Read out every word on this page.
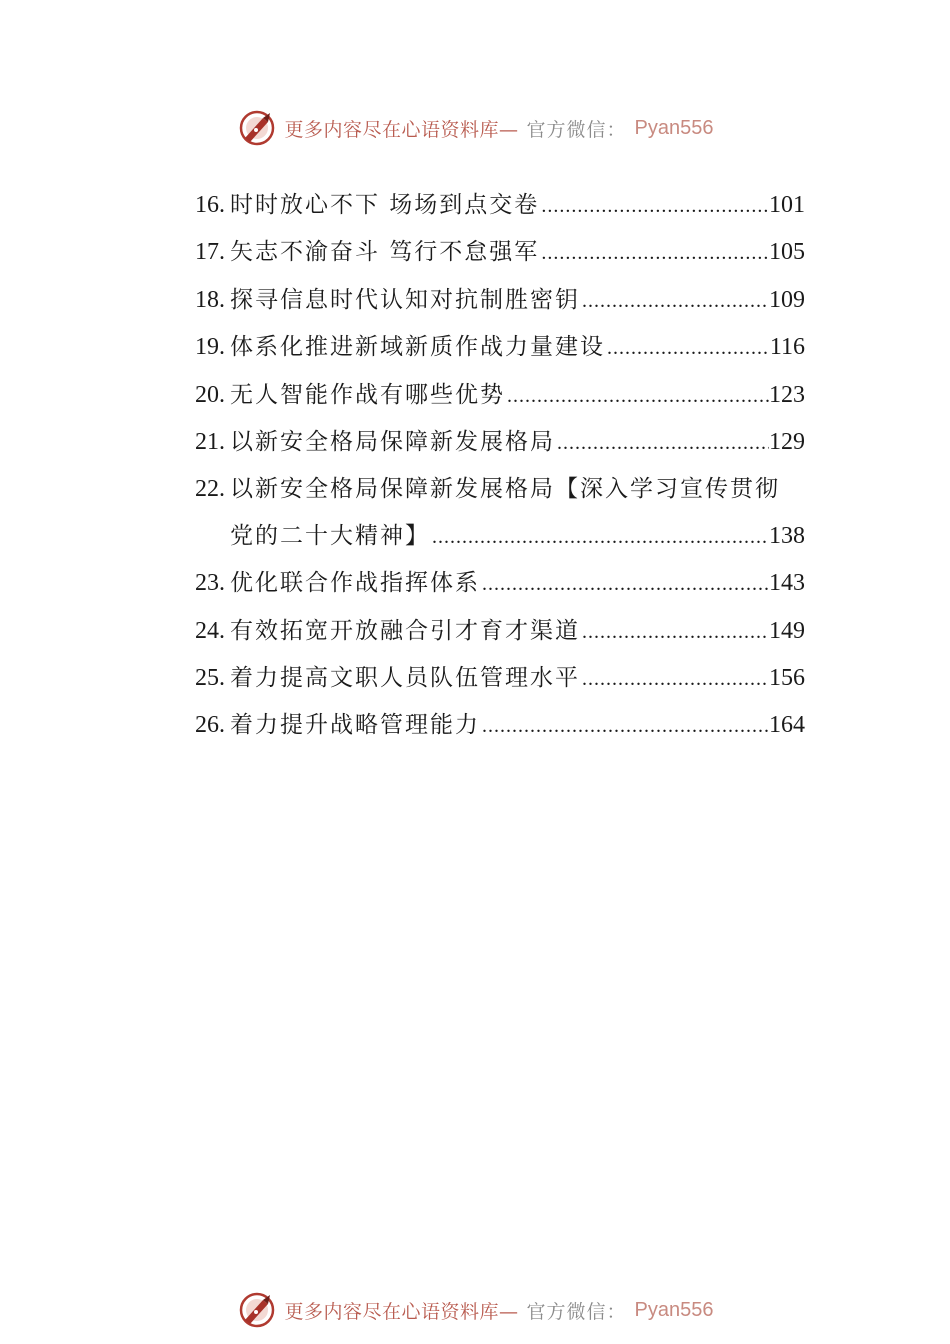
更多内容尽在心语资料库— 官方微信： Pyan556
16. 时时放心不下 场场到点交卷 .....	101
17. 矢志不渝奋斗 笃行不怠强军 .....	105
18. 探寻信息时代认知对抗制胜密钥 .....	109
19. 体系化推进新域新质作战力量建设 .....	116
20. 无人智能作战有哪些优势 .....	123
21. 以新安全格局保障新发展格局 .....	129
22. 以新安全格局保障新发展格局【深入学习宣传贯彻
党的二十大精神】 .....	138
23. 优化联合作战指挥体系 .....	143
24. 有效拓宽开放融合引才育才渠道 .....	149
25. 着力提高文职人员队伍管理水平 .....	156
26. 着力提升战略管理能力 .....	164
更多内容尽在心语资料库— 官方微信： Pyan556
